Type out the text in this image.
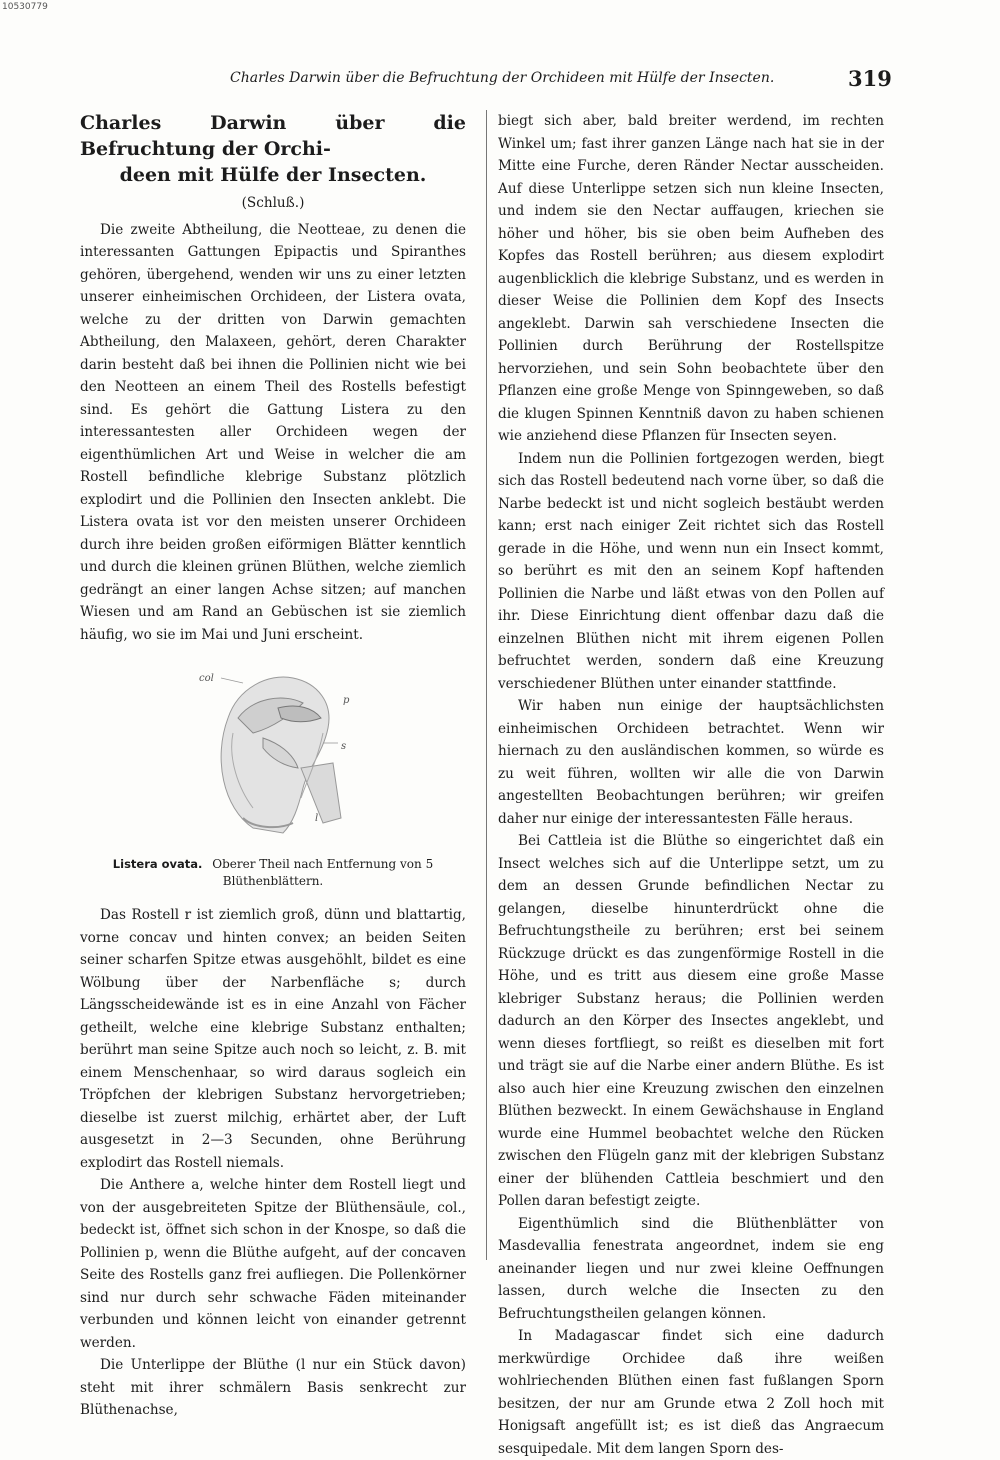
10530779
Charles Darwin über die Befruchtung der Orchideen mit Hülfe der Insecten.	319
Charles Darwin über die Befruchtung der Orchi-
deen mit Hülfe der Insecten.
(Schluß.)

Die zweite Abtheilung, die Neotteae, zu denen die interessanten Gattungen Epipactis und Spiranthes gehören, übergehend, wenden wir uns zu einer letzten unserer einheimischen Orchideen, der Listera ovata, welche zu der dritten von Darwin gemachten Abtheilung, den Malaxeen, gehört, deren Charakter darin besteht daß bei ihnen die Pollinien nicht wie bei den Neotteen an einem Theil des Rostells befestigt sind. Es gehört die Gattung Listera zu den interessantesten aller Orchideen wegen der eigenthümlichen Art und Weise in welcher die am Rostell befindliche klebrige Substanz plötzlich explodirt und die Pollinien den Insecten anklebt. Die Listera ovata ist vor den meisten unserer Orchideen durch ihre beiden großen eiförmigen Blätter kenntlich und durch die kleinen grünen Blüthen, welche ziemlich gedrängt an einer langen Achse sitzen; auf manchen Wiesen und am Rand an Gebüschen ist sie ziemlich häufig, wo sie im Mai und Juni erscheint.

col
p
s
l
Listera ovata. Oberer Theil nach Entfernung von 5 Blüthenblättern.

Das Rostell r ist ziemlich groß, dünn und blattartig, vorne concav und hinten convex; an beiden Seiten seiner scharfen Spitze etwas ausgehöhlt, bildet es eine Wölbung über der Narbenfläche s; durch Längsscheidewände ist es in eine Anzahl von Fächer getheilt, welche eine klebrige Substanz enthalten; berührt man seine Spitze auch noch so leicht, z. B. mit einem Menschenhaar, so wird daraus sogleich ein Tröpfchen der klebrigen Substanz hervorgetrieben; dieselbe ist zuerst milchig, erhärtet aber, der Luft ausgesetzt in 2—3 Secunden, ohne Berührung explodirt das Rostell niemals.

Die Anthere a, welche hinter dem Rostell liegt und von der ausgebreiteten Spitze der Blüthensäule, col., bedeckt ist, öffnet sich schon in der Knospe, so daß die Pollinien p, wenn die Blüthe aufgeht, auf der concaven Seite des Rostells ganz frei aufliegen. Die Pollenkörner sind nur durch sehr schwache Fäden miteinander verbunden und können leicht von einander getrennt werden.

Die Unterlippe der Blüthe (l nur ein Stück davon) steht mit ihrer schmälern Basis senkrecht zur Blüthenachse,

biegt sich aber, bald breiter werdend, im rechten Winkel um; fast ihrer ganzen Länge nach hat sie in der Mitte eine Furche, deren Ränder Nectar ausscheiden. Auf diese Unterlippe setzen sich nun kleine Insecten, und indem sie den Nectar auffaugen, kriechen sie höher und höher, bis sie oben beim Aufheben des Kopfes das Rostell berühren; aus diesem explodirt augenblicklich die klebrige Substanz, und es werden in dieser Weise die Pollinien dem Kopf des Insects angeklebt. Darwin sah verschiedene Insecten die Pollinien durch Berührung der Rostellspitze hervorziehen, und sein Sohn beobachtete über den Pflanzen eine große Menge von Spinngeweben, so daß die klugen Spinnen Kenntniß davon zu haben schienen wie anziehend diese Pflanzen für Insecten seyen.

Indem nun die Pollinien fortgezogen werden, biegt sich das Rostell bedeutend nach vorne über, so daß die Narbe bedeckt ist und nicht sogleich bestäubt werden kann; erst nach einiger Zeit richtet sich das Rostell gerade in die Höhe, und wenn nun ein Insect kommt, so berührt es mit den an seinem Kopf haftenden Pollinien die Narbe und läßt etwas von den Pollen auf ihr. Diese Einrichtung dient offenbar dazu daß die einzelnen Blüthen nicht mit ihrem eigenen Pollen befruchtet werden, sondern daß eine Kreuzung verschiedener Blüthen unter einander stattfinde.

Wir haben nun einige der hauptsächlichsten einheimischen Orchideen betrachtet. Wenn wir hiernach zu den ausländischen kommen, so würde es zu weit führen, wollten wir alle die von Darwin angestellten Beobachtungen berühren; wir greifen daher nur einige der interessantesten Fälle heraus.

Bei Cattleia ist die Blüthe so eingerichtet daß ein Insect welches sich auf die Unterlippe setzt, um zu dem an dessen Grunde befindlichen Nectar zu gelangen, dieselbe hinunterdrückt ohne die Befruchtungstheile zu berühren; erst bei seinem Rückzuge drückt es das zungenförmige Rostell in die Höhe, und es tritt aus diesem eine große Masse klebriger Substanz heraus; die Pollinien werden dadurch an den Körper des Insectes angeklebt, und wenn dieses fortfliegt, so reißt es dieselben mit fort und trägt sie auf die Narbe einer andern Blüthe. Es ist also auch hier eine Kreuzung zwischen den einzelnen Blüthen bezweckt. In einem Gewächshause in England wurde eine Hummel beobachtet welche den Rücken zwischen den Flügeln ganz mit der klebrigen Substanz einer der blühenden Cattleia beschmiert und den Pollen daran befestigt zeigte.

Eigenthümlich sind die Blüthenblätter von Masdevallia fenestrata angeordnet, indem sie eng aneinander liegen und nur zwei kleine Oeffnungen lassen, durch welche die Insecten zu den Befruchtungstheilen gelangen können.

In Madagascar findet sich eine dadurch merkwürdige Orchidee daß ihre weißen wohlriechenden Blüthen einen fast fußlangen Sporn besitzen, der nur am Grunde etwa 2 Zoll hoch mit Honigsaft angefüllt ist; es ist dieß das Angraecum sesquipedale. Mit dem langen Sporn des-
